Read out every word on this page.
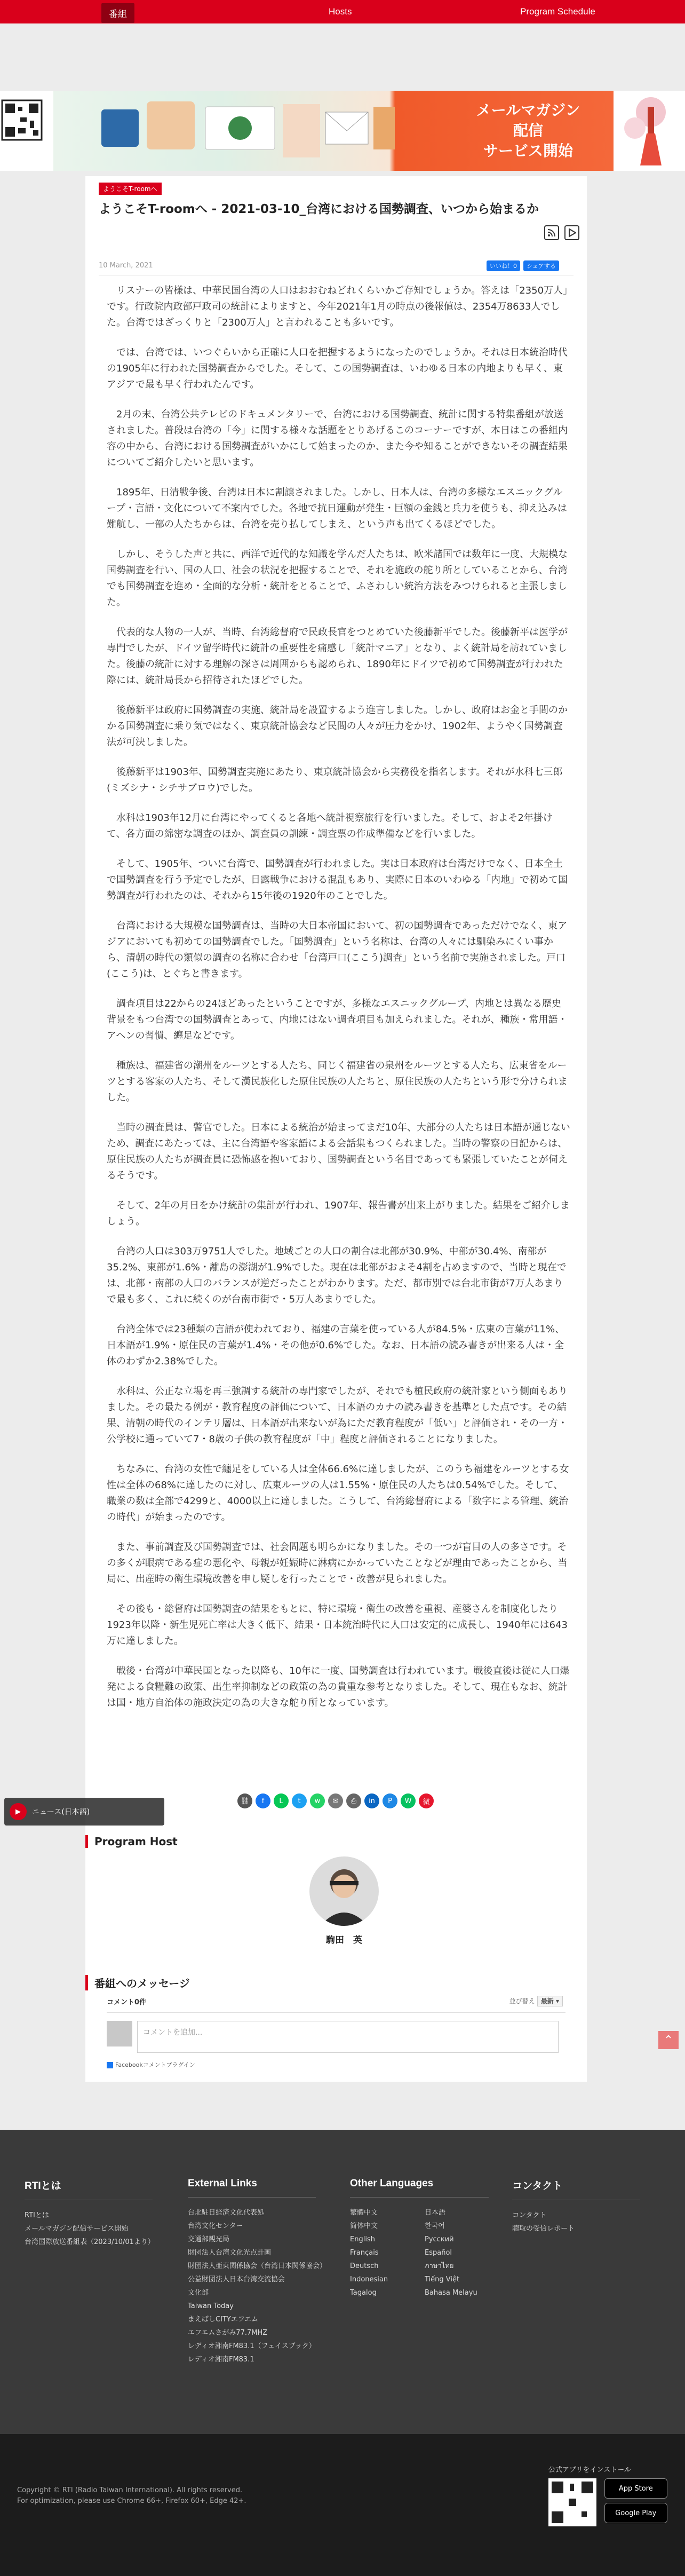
番組	Hosts	Program Schedule
メールマガジン
配信
サービス開始
ようこそT-roomへ
ようこそT-roomへ - 2021-03-10_台湾における国勢調査、いつから始まるか
10 March, 2021	いいね！0	シェアする

リスナーの皆様は、中華民国台湾の人口はおおむねどれくらいかご存知でしょうか。答えは「2350万人」です。行政院内政部戸政司の統計によりますと、今年2021年1月の時点の後報値は、2354万8633人でした。台湾ではざっくりと「2300万人」と言われることも多いです。

では、台湾では、いつぐらいから正確に人口を把握するようになったのでしょうか。それは日本統治時代の1905年に行われた国勢調査からでした。そして、この国勢調査は、いわゆる日本の内地よりも早く、東アジアで最も早く行われたんです。

2月の末、台湾公共テレビのドキュメンタリーで、台湾における国勢調査、統計に関する特集番組が放送されました。普段は台湾の「今」に関する様々な話題をとりあげるこのコーナーですが、本日はこの番組内容の中から、台湾における国勢調査がいかにして始まったのか、また今や知ることができないその調査結果についてご紹介したいと思います。

1895年、日清戦争後、台湾は日本に割譲されました。しかし、日本人は、台湾の多様なエスニックグループ・言語・文化について不案内でした。各地で抗日運動が発生・巨額の金銭と兵力を使うも、抑え込みは難航し、一部の人たちからは、台湾を売り払してしまえ、という声も出てくるほどでした。

しかし、そうした声と共に、西洋で近代的な知識を学んだ人たちは、欧米諸国では数年に一度、大規模な国勢調査を行い、国の人口、社会の状況を把握することで、それを施政の舵り所としていることから、台湾でも国勢調査を進め・全面的な分析・統計をとることで、ふさわしい統治方法をみつけられると主張しました。

代表的な人物の一人が、当時、台湾総督府で民政長官をつとめていた後藤新平でした。後藤新平は医学が専門でしたが、ドイツ留学時代に統計の重要性を痛感し「統計マニア」となり、よく統計局を訪れていました。後藤の統計に対する理解の深さは周囲からも認められ、1890年にドイツで初めて国勢調査が行われた際には、統計局長から招待されたほどでした。

後藤新平は政府に国勢調査の実施、統計局を設置するよう進言しました。しかし、政府はお金と手間のかかる国勢調査に乗り気ではなく、東京統計協会など民間の人々が圧力をかけ、1902年、ようやく国勢調査法が可決しました。

後藤新平は1903年、国勢調査実施にあたり、東京統計協会から実務役を指名します。それが水科七三郎(ミズシナ・シチサブロウ)でした。

水科は1903年12月に台湾にやってくると各地へ統計視察旅行を行いました。そして、およそ2年掛けて、各方面の綿密な調査のほか、調査員の訓練・調査票の作成準備などを行いました。

そして、1905年、ついに台湾で、国勢調査が行われました。実は日本政府は台湾だけでなく、日本全土で国勢調査を行う予定でしたが、日露戦争における混乱もあり、実際に日本のいわゆる「内地」で初めて国勢調査が行われたのは、それから15年後の1920年のことでした。

台湾における大規模な国勢調査は、当時の大日本帝国において、初の国勢調査であっただけでなく、東アジアにおいても初めての国勢調査でした。「国勢調査」という名称は、台湾の人々には馴染みにくい事から、清朝の時代の類似の調査の名称に合わせ「台湾戸口(ここう)調査」という名前で実施されました。戸口(ここう)は、とぐちと書きます。

調査項目は22からの24ほどあったということですが、多様なエスニックグループ、内地とは異なる歴史背景をもつ台湾での国勢調査とあって、内地にはない調査項目も加えられました。それが、種族・常用語・アヘンの習慣、纏足などです。

種族は、福建省の潮州をルーツとする人たち、同じく福建省の泉州をルーツとする人たち、広東省をルーツとする客家の人たち、そして漢民族化した原住民族の人たちと、原住民族の人たちという形で分けられました。

当時の調査員は、警官でした。日本による統治が始まってまだ10年、大部分の人たちは日本語が通じないため、調査にあたっては、主に台湾語や客家語による会話集もつくられました。当時の警察の日記からは、原住民族の人たちが調査員に恐怖感を抱いており、国勢調査という名目であっても緊張していたことが伺えるそうです。

そして、2年の月日をかけ統計の集計が行われ、1907年、報告書が出来上がりました。結果をご紹介しましょう。

台湾の人口は303万9751人でした。地域ごとの人口の割合は北部が30.9%、中部が30.4%、南部が35.2%、東部が1.6%・離島の澎湖が1.9%でした。現在は北部がおよそ4割を占めますので、当時と現在では、北部・南部の人口のバランスが逆だったことがわかります。ただ、都市別では台北市街が7万人あまりで最も多く、これに続くのが台南市街で・5万人あまりでした。

台湾全体では23種類の言語が使われており、福建の言葉を使っている人が84.5%・広東の言葉が11%、日本語が1.9%・原住民の言葉が1.4%・その他が0.6%でした。なお、日本語の読み書きが出来る人は・全体のわずか2.38%でした。

水科は、公正な立場を再三強調する統計の専門家でしたが、それでも植民政府の統計家という側面もありました。その最たる例が・教育程度の評価について、日本語のカナの読み書きを基準とした点です。その結果、清朝の時代のインテリ層は、日本語が出来ないが為にただ教育程度が「低い」と評価され・その一方・公学校に通っていて7・8歳の子供の教育程度が「中」程度と評価されることになりました。

ちなみに、台湾の女性で纏足をしている人は全体66.6%に達しましたが、このうち福建をルーツとする女性は全体の68%に達したのに対し、広東ルーツの人は1.55%・原住民の人たちは0.54%でした。そして、職業の数は全部で4299と、4000以上に達しました。こうして、台湾総督府による「数字による管理、統治の時代」が始まったのです。

また、事前調査及び国勢調査では、社会問題も明らかになりました。その一つが盲目の人の多さです。その多くが眼病である症の悪化や、母親が妊娠時に淋病にかかっていたことなどが理由であったことから、当局に、出産時の衛生環境改善を申し疑しを行ったことで・改善が見られました。

その後も・総督府は国勢調査の結果をもとに、特に環境・衛生の改善を重視、産婆さんを制度化したり1923年以降・新生児死亡率は大きく低下、結果・日本統治時代に人口は安定的に成長し、1940年には643万に達しました。

戦後・台湾が中華民国となった以降も、10年に一度、国勢調査は行われています。戦後直後は従に人口爆発による食糧難の政策、出生率抑制などの政策の為の貴重な参考となりました。そして、現在もなお、統計は国・地方自治体の施政決定の為の大きな舵り所となっています。

⛓	f	L	t	w	✉	⎙	in	P	W	微
Program Host
駒田　英
番組へのメッセージ
コメント0件	並び替え 最新 ▾
コメントを追加...
Facebookコメントプラグイン
▶	ニュース(日本語)
⌃
RTIとは
RTIとは
メールマガジン配信サービス開始
台湾国際放送番組表（2023/10/01より）
External Links
台北駐日経済文化代表処
台湾文化センター
交通部観光局
財団法人台湾文化光点計画
財団法人亜東関係協会（台湾日本関係協会）
公益財団法人日本台湾交流協会
文化部
Taiwan Today
まえばしCITYエフエム
エフエムさがみ77.7MHZ
レディオ湘南FM83.1（フェイスブック）
レディオ湘南FM83.1
Other Languages
繁體中文	日本語
简体中文	한국어
English	Русский
Français	Español
Deutsch	ภาษาไทย
Indonesian	Tiếng Việt
Tagalog	Bahasa Melayu
コンタクト
コンタクト
聴取の受信レポート
Copyright © RTI (Radio Taiwan International). All rights reserved.
For optimization, please use Chrome 66+, Firefox 60+, Edge 42+.
公式アプリをインストール

App Store
Google Play
